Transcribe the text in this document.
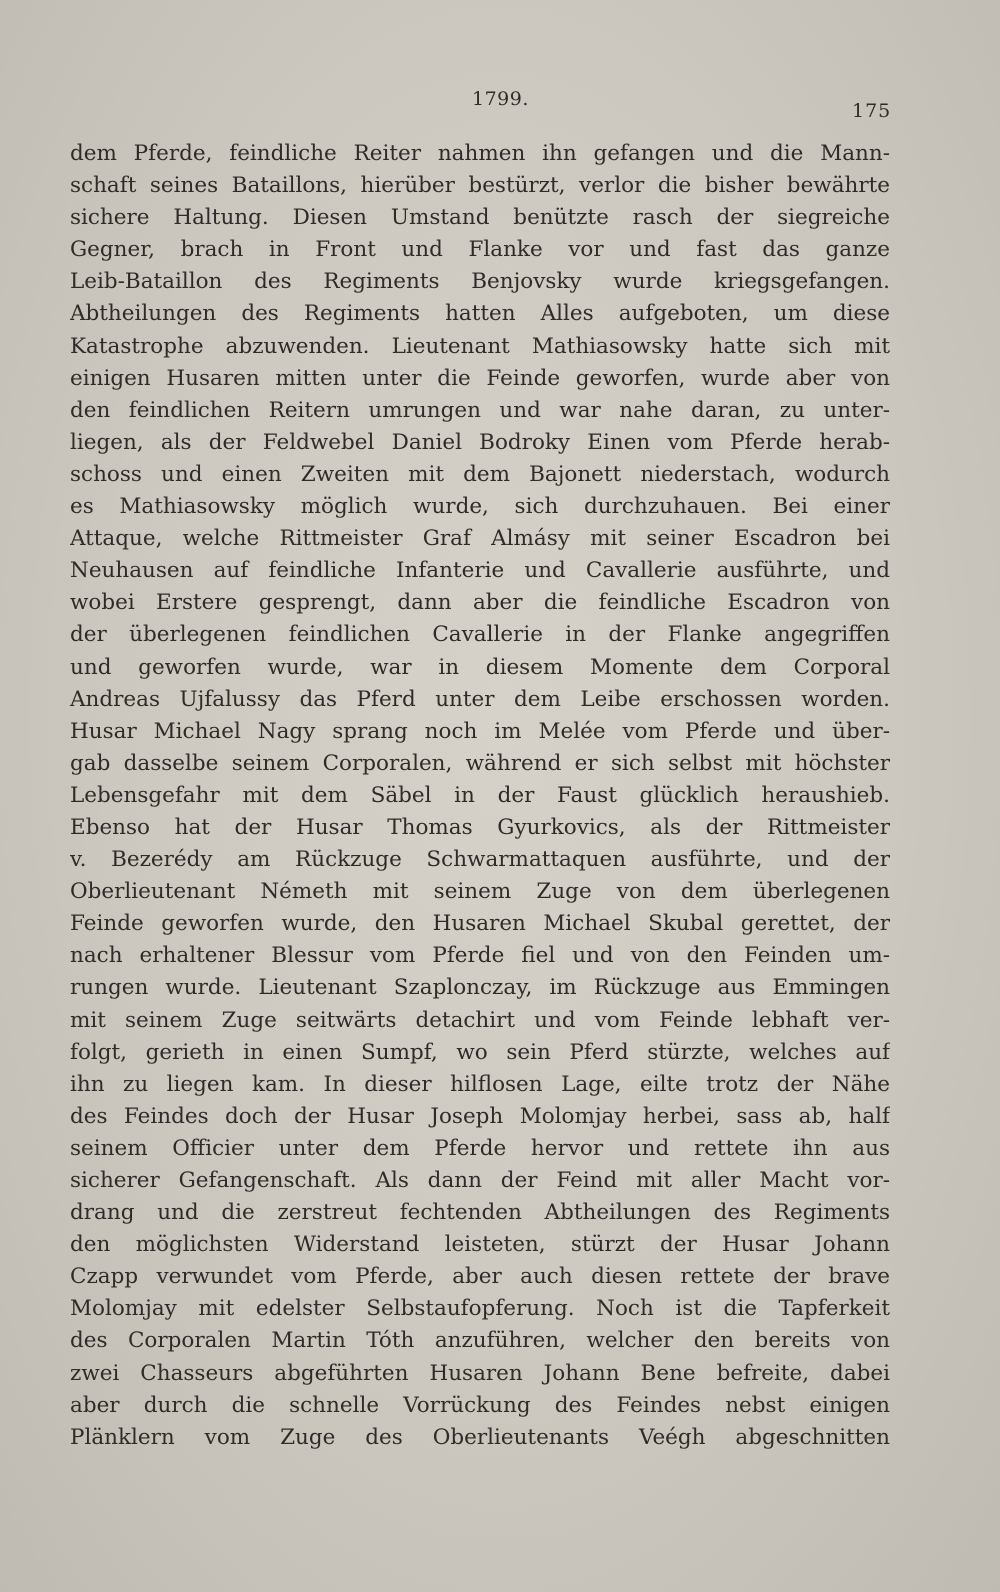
1799.
175
dem Pferde, feindliche Reiter nahmen ihn gefangen und die Mann-
schaft seines Bataillons, hierüber bestürzt, verlor die bisher bewährte
sichere Haltung. Diesen Umstand benützte rasch der siegreiche
Gegner, brach in Front und Flanke vor und fast das ganze
Leib-Bataillon des Regiments Benjovsky wurde kriegsgefangen.
Abtheilungen des Regiments hatten Alles aufgeboten, um diese
Katastrophe abzuwenden. Lieutenant Mathiasowsky hatte sich mit
einigen Husaren mitten unter die Feinde geworfen, wurde aber von
den feindlichen Reitern umrungen und war nahe daran, zu unter-
liegen, als der Feldwebel Daniel Bodroky Einen vom Pferde herab-
schoss und einen Zweiten mit dem Bajonett niederstach, wodurch
es Mathiasowsky möglich wurde, sich durchzuhauen. Bei einer
Attaque, welche Rittmeister Graf Almásy mit seiner Escadron bei
Neuhausen auf feindliche Infanterie und Cavallerie ausführte, und
wobei Erstere gesprengt, dann aber die feindliche Escadron von
der überlegenen feindlichen Cavallerie in der Flanke angegriffen
und geworfen wurde, war in diesem Momente dem Corporal
Andreas Ujfalussy das Pferd unter dem Leibe erschossen worden.
Husar Michael Nagy sprang noch im Melée vom Pferde und über-
gab dasselbe seinem Corporalen, während er sich selbst mit höchster
Lebensgefahr mit dem Säbel in der Faust glücklich heraushieb.
Ebenso hat der Husar Thomas Gyurkovics, als der Rittmeister
v. Bezerédy am Rückzuge Schwarmattaquen ausführte, und der
Oberlieutenant Németh mit seinem Zuge von dem überlegenen
Feinde geworfen wurde, den Husaren Michael Skubal gerettet, der
nach erhaltener Blessur vom Pferde fiel und von den Feinden um-
rungen wurde. Lieutenant Szaplonczay, im Rückzuge aus Emmingen
mit seinem Zuge seitwärts detachirt und vom Feinde lebhaft ver-
folgt, gerieth in einen Sumpf, wo sein Pferd stürzte, welches auf
ihn zu liegen kam. In dieser hilflosen Lage, eilte trotz der Nähe
des Feindes doch der Husar Joseph Molomjay herbei, sass ab, half
seinem Officier unter dem Pferde hervor und rettete ihn aus
sicherer Gefangenschaft. Als dann der Feind mit aller Macht vor-
drang und die zerstreut fechtenden Abtheilungen des Regiments
den möglichsten Widerstand leisteten, stürzt der Husar Johann
Czapp verwundet vom Pferde, aber auch diesen rettete der brave
Molomjay mit edelster Selbstaufopferung. Noch ist die Tapferkeit
des Corporalen Martin Tóth anzuführen, welcher den bereits von
zwei Chasseurs abgeführten Husaren Johann Bene befreite, dabei
aber durch die schnelle Vorrückung des Feindes nebst einigen
Plänklern vom Zuge des Oberlieutenants Veégh abgeschnitten
